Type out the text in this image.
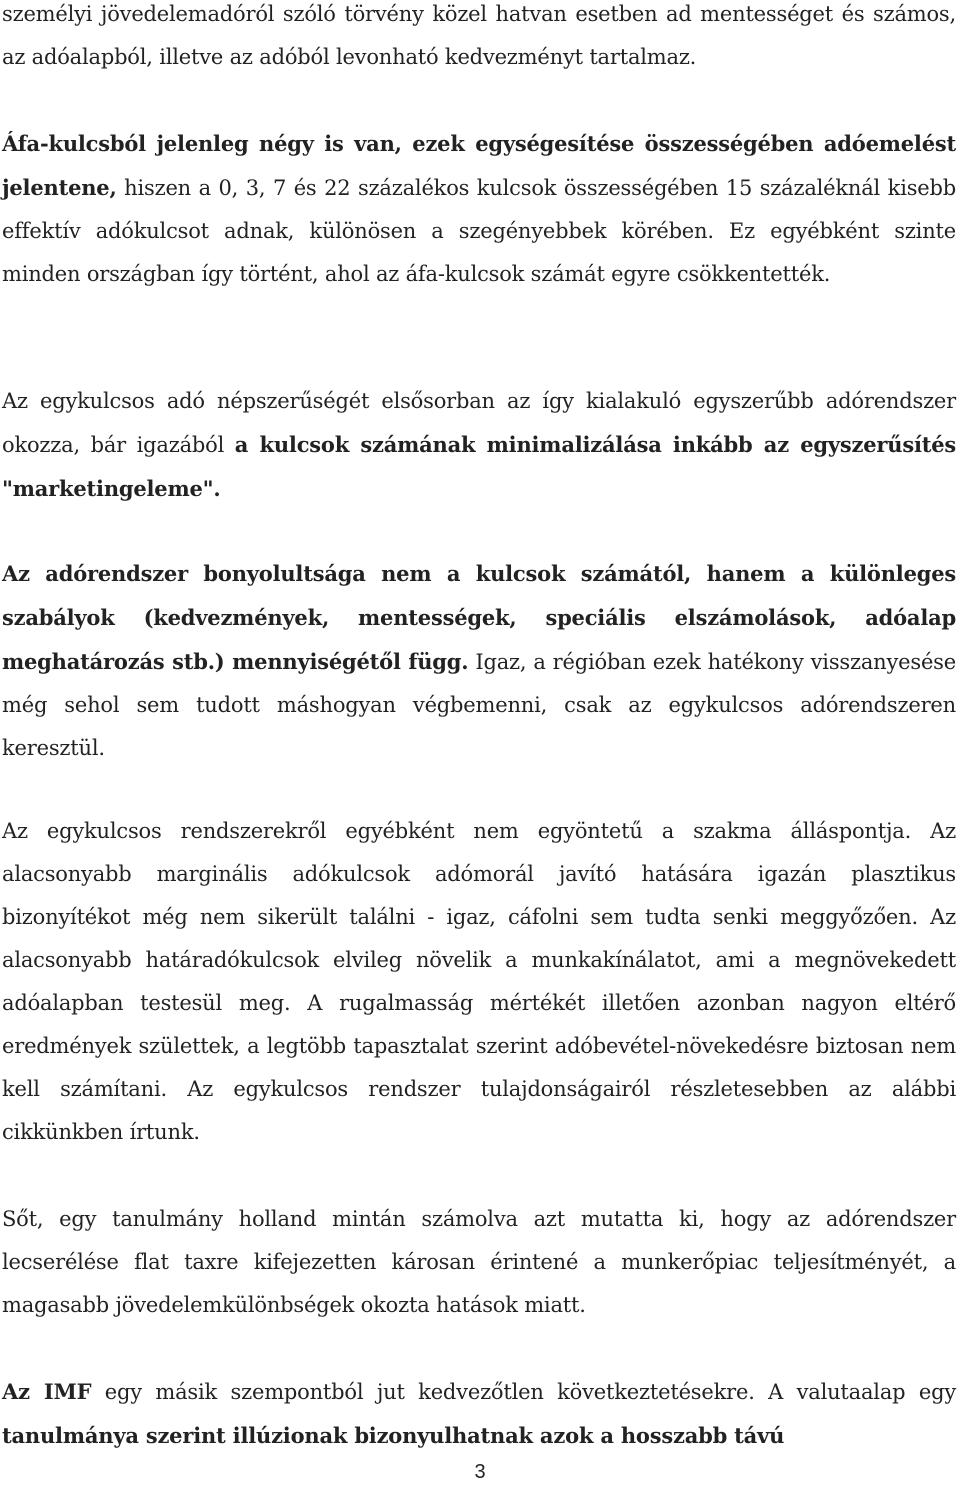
személyi jövedelemadóról szóló törvény közel hatvan esetben ad mentességet és számos, az adóalapból, illetve az adóból levonható kedvezményt tartalmaz.

Áfa-kulcsból jelenleg négy is van, ezek egységesítése összességében adóemelést jelentene, hiszen a 0, 3, 7 és 22 százalékos kulcsok összességében 15 százaléknál kisebb effektív adókulcsot adnak, különösen a szegényebbek körében. Ez egyébként szinte minden országban így történt, ahol az áfa-kulcsok számát egyre csökkentették.

Az egykulcsos adó népszerűségét elsősorban az így kialakuló egyszerűbb adórendszer okozza, bár igazából a kulcsok számának minimalizálása inkább az egyszerűsítés "marketingeleme".

Az adórendszer bonyolultsága nem a kulcsok számától, hanem a különleges szabályok (kedvezmények, mentességek, speciális elszámolások, adóalap meghatározás stb.) mennyiségétől függ. Igaz, a régióban ezek hatékony visszanyesése még sehol sem tudott máshogyan végbemenni, csak az egykulcsos adórendszeren keresztül.

Az egykulcsos rendszerekről egyébként nem egyöntetű a szakma álláspontja. Az alacsonyabb marginális adókulcsok adómorál javító hatására igazán plasztikus bizonyítékot még nem sikerült találni - igaz, cáfolni sem tudta senki meggyőzően. Az alacsonyabb határadókulcsok elvileg növelik a munkakínálatot, ami a megnövekedett adóalapban testesül meg. A rugalmasság mértékét illetően azonban nagyon eltérő eredmények születtek, a legtöbb tapasztalat szerint adóbevétel-növekedésre biztosan nem kell számítani. Az egykulcsos rendszer tulajdonságairól részletesebben az alábbi cikkünkben írtunk.

Sőt, egy tanulmány holland mintán számolva azt mutatta ki, hogy az adórendszer lecserélése flat taxre kifejezetten károsan érintené a munkerőpiac teljesítményét, a magasabb jövedelemkülönbségek okozta hatások miatt.

Az IMF egy másik szempontból jut kedvezőtlen következtetésekre. A valutaalap egy tanulmánya szerint illúzionak bizonyulhatnak azok a hosszabb távú

3
